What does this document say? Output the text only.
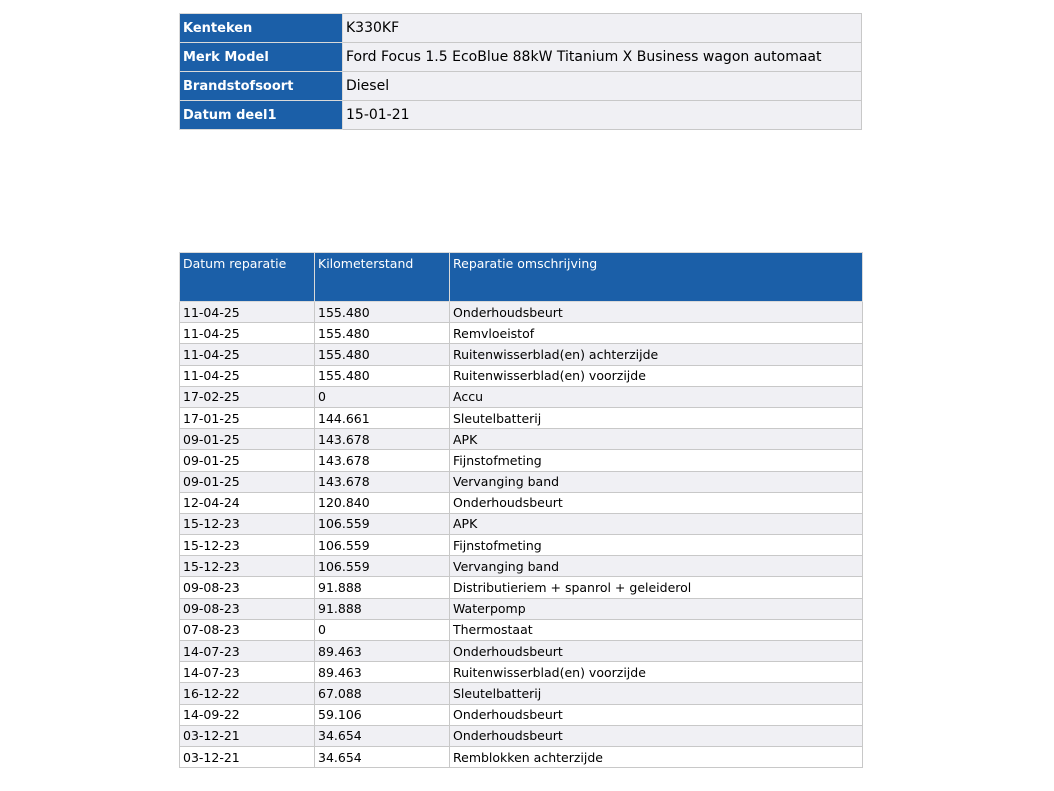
Kenteken	K330KF
Merk Model	Ford Focus 1.5 EcoBlue 88kW Titanium X Business wagon automaat
Brandstofsoort	Diesel
Datum deel1	15-01-21
Datum reparatie	Kilometerstand	Reparatie omschrijving
11-04-25	155.480	Onderhoudsbeurt
11-04-25	155.480	Remvloeistof
11-04-25	155.480	Ruitenwisserblad(en) achterzijde
11-04-25	155.480	Ruitenwisserblad(en) voorzijde
17-02-25	0	Accu
17-01-25	144.661	Sleutelbatterij
09-01-25	143.678	APK
09-01-25	143.678	Fijnstofmeting
09-01-25	143.678	Vervanging band
12-04-24	120.840	Onderhoudsbeurt
15-12-23	106.559	APK
15-12-23	106.559	Fijnstofmeting
15-12-23	106.559	Vervanging band
09-08-23	91.888	Distributieriem + spanrol + geleiderol
09-08-23	91.888	Waterpomp
07-08-23	0	Thermostaat
14-07-23	89.463	Onderhoudsbeurt
14-07-23	89.463	Ruitenwisserblad(en) voorzijde
16-12-22	67.088	Sleutelbatterij
14-09-22	59.106	Onderhoudsbeurt
03-12-21	34.654	Onderhoudsbeurt
03-12-21	34.654	Remblokken achterzijde
